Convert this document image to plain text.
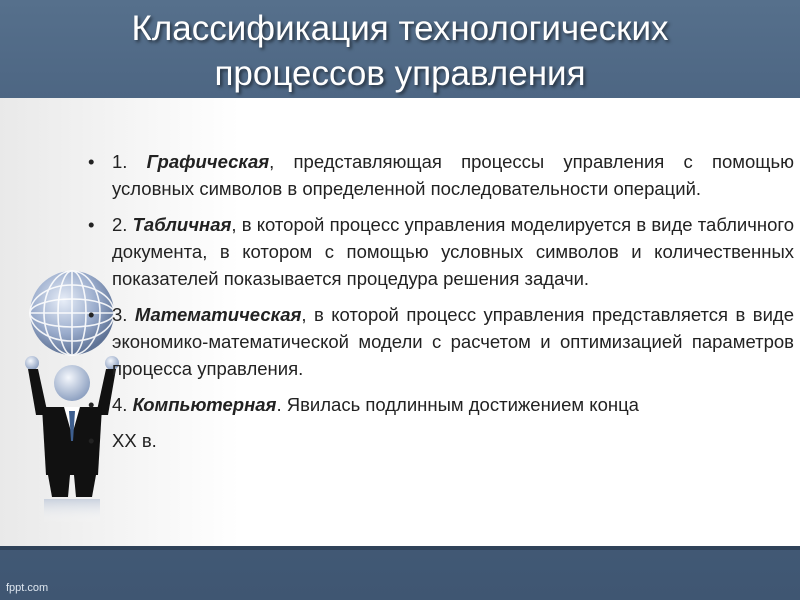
Классификация технологических
процессов управления
• 1. Графическая, представляющая процессы управления с помощью условных символов в определенной последовательности операций.
• 2. Табличная, в которой процесс управления моделируется в виде табличного документа, в котором с помощью условных символов и количественных показателей показывается процедура решения задачи.
• 3. Математическая, в которой процесс управления представляется в виде экономико-математической модели с расчетом и оптимизацией параметров процесса управления.
• 4. Компьютерная. Явилась подлинным достижением конца
• XX в.
fppt.com
